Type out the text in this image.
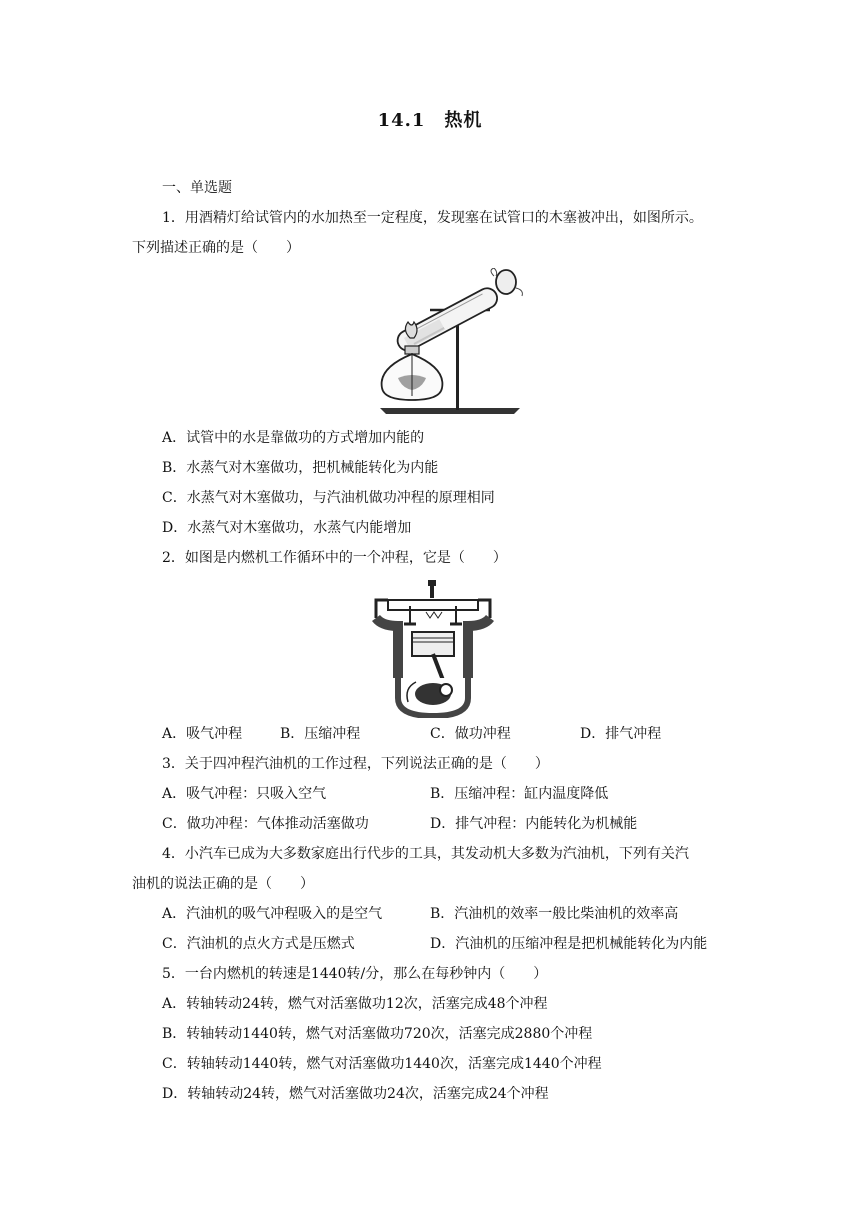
14.1　热机
一、单选题
1．用酒精灯给试管内的水加热至一定程度，发现塞在试管口的木塞被冲出，如图所示。
下列描述正确的是（　　）
A．试管中的水是靠做功的方式增加内能的
B．水蒸气对木塞做功，把机械能转化为内能
C．水蒸气对木塞做功，与汽油机做功冲程的原理相同
D．水蒸气对木塞做功，水蒸气内能增加
2．如图是内燃机工作循环中的一个冲程，它是（　　）
A．吸气冲程	B．压缩冲程	C．做功冲程	D．排气冲程
3．关于四冲程汽油机的工作过程，下列说法正确的是（　　）
A．吸气冲程：只吸入空气	B．压缩冲程：缸内温度降低
C．做功冲程：气体推动活塞做功	D．排气冲程：内能转化为机械能
4．小汽车已成为大多数家庭出行代步的工具，其发动机大多数为汽油机，下列有关汽
油机的说法正确的是（　　）
A．汽油机的吸气冲程吸入的是空气	B．汽油机的效率一般比柴油机的效率高
C．汽油机的点火方式是压燃式	D．汽油机的压缩冲程是把机械能转化为内能
5．一台内燃机的转速是1440转/分，那么在每秒钟内（　　）
A．转轴转动24转，燃气对活塞做功12次，活塞完成48个冲程
B．转轴转动1440转，燃气对活塞做功720次，活塞完成2880个冲程
C．转轴转动1440转，燃气对活塞做功1440次，活塞完成1440个冲程
D．转轴转动24转，燃气对活塞做功24次，活塞完成24个冲程
